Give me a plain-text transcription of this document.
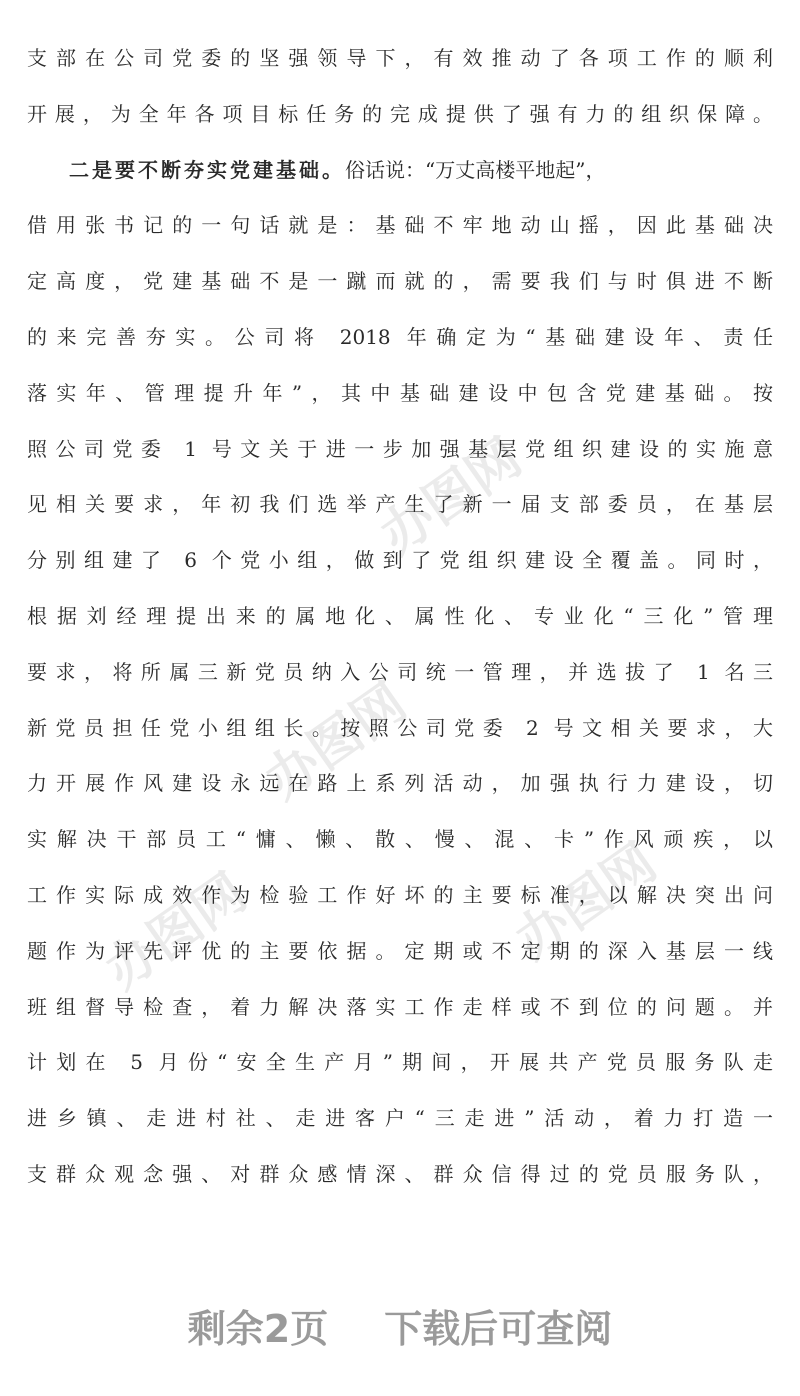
办图网
办图网
办图网
办图网
支部在公司党委的坚强领导下，有效推动了各项工作的顺利
开展，为全年各项目标任务的完成提供了强有力的组织保障。
二是要不断夯实党建基础。俗话说：“万丈高楼平地起”，
借用张书记的一句话就是：基础不牢地动山摇，因此基础决
定高度，党建基础不是一蹴而就的，需要我们与时俱进不断
的来完善夯实。公司将 2018 年确定为“基础建设年、责任
落实年、管理提升年”，其中基础建设中包含党建基础。按
照公司党委 1 号文关于进一步加强基层党组织建设的实施意
见相关要求，年初我们选举产生了新一届支部委员，在基层
分别组建了 6 个党小组，做到了党组织建设全覆盖。同时，
根据刘经理提出来的属地化、属性化、专业化“三化”管理
要求，将所属三新党员纳入公司统一管理，并选拔了 1 名三
新党员担任党小组组长。按照公司党委 2 号文相关要求，大
力开展作风建设永远在路上系列活动，加强执行力建设，切
实解决干部员工“慵、懒、散、慢、混、卡”作风顽疾，以
工作实际成效作为检验工作好坏的主要标准，以解决突出问
题作为评先评优的主要依据。定期或不定期的深入基层一线
班组督导检查，着力解决落实工作走样或不到位的问题。并
计划在 5 月份“安全生产月”期间，开展共产党员服务队走
进乡镇、走进村社、走进客户“三走进”活动，着力打造一
支群众观念强、对群众感情深、群众信得过的党员服务队，
剩余2页 下载后可查阅
